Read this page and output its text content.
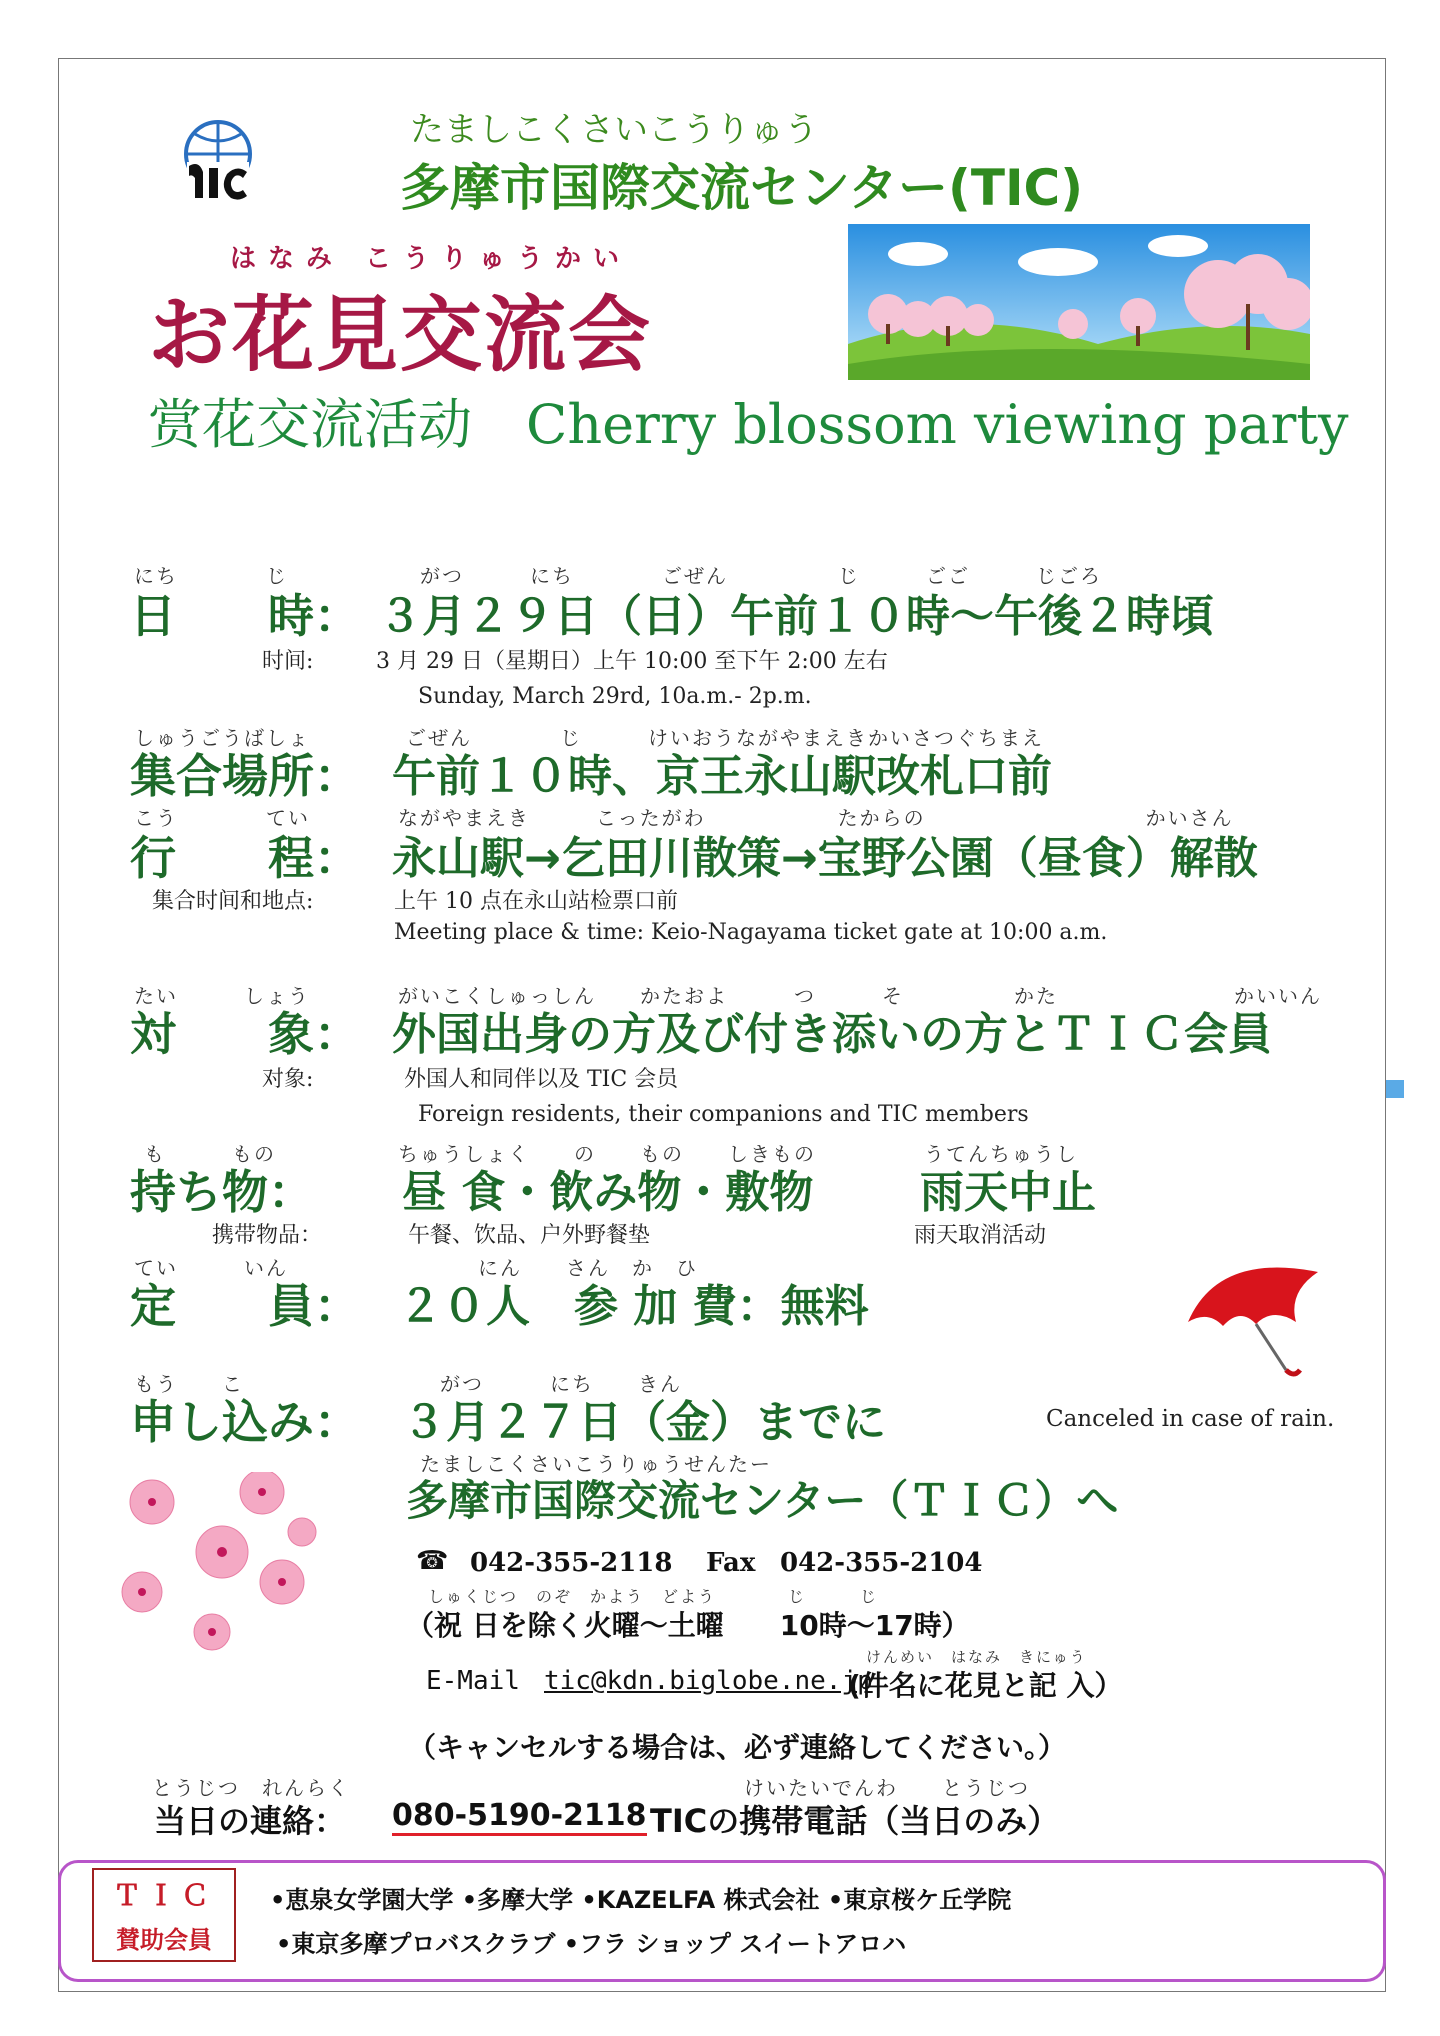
たましこくさいこうりゅう
多摩市国際交流センター(TIC)
はなみ こうりゅうかい
お花見交流会
赏花交流活动　Cherry blossom viewing party
にち　　　　じ
日　　時：
がつ　　　にち　　　　ごぜん　　　　　じ　　　ごご　　　じごろ
３月２９日（日）午前１０時～午後２時頃
时间:	3 月 29 日（星期日）上午 10:00 至下午 2:00 左右
Sunday, March 29rd, 10a.m.- 2p.m.
しゅうごうばしょ
集合場所：
ごぜん　　　　じ　　　けいおうながやまえきかいさつぐちまえ
午前１０時、京王永山駅改札口前
こう　　　　てい
行　　程：
ながやまえき　　　こったがわ　　　　　　たからの　　　　　　　　　　かいさん
永山駅→乞田川散策→宝野公園（昼食）解散
集合时间和地点:	上午 10 点在永山站检票口前
Meeting place & time: Keio-Nagayama ticket gate at 10:00 a.m.
たい　　　しょう
対　　象：
がいこくしゅっしん　　かたおよ　　　つ　　　そ　　　　　かた　　　　　　　　かいいん
外国出身の方及び付き添いの方とＴＩＣ会員
对象:	外国人和同伴以及 TIC 会员
Foreign residents, their companions and TIC members
も　　　もの
持ち物：
ちゅうしょく　　の　　もの　　しきもの
昼 食・飲み物・敷物
携带物品：	午餐、饮品、户外野餐垫
うてんちゅうし
雨天中止
雨天取消活动
てい　　　いん
定　　員：
にん　　さん　か　ひ
２０人　参 加 費：無料
Canceled in case of rain.
もう　　こ
申し込み：
がつ　　　にち　　きん
３月２７日（金）までに
たましこくさいこうりゅうせんたー
多摩市国際交流センター（ＴＩＣ）へ
☎ 042-355-2118 Fax 042-355-2104
しゅくじつ　のぞ　かよう　どよう　　　　じ　　　じ
（祝 日を除く火曜～土曜　　10時～17時）
E-Mail tic@kdn.biglobe.ne.jp
けんめい　はなみ　きにゅう
(件名に花見と記 入）
（キャンセルする場合は、必ず連絡してください。）
とうじつ　れんらく
当日の連絡： 080-5190-2118
けいたいでんわ　　とうじつ
TICの携帯電話（当日のみ）
ＴＩＣ
賛助会員
•恵泉女学園大学 •多摩大学 •KAZELFA 株式会社 •東京桜ケ丘学院
•東京多摩プロバスクラブ •フラ ショップ スイートアロハ
